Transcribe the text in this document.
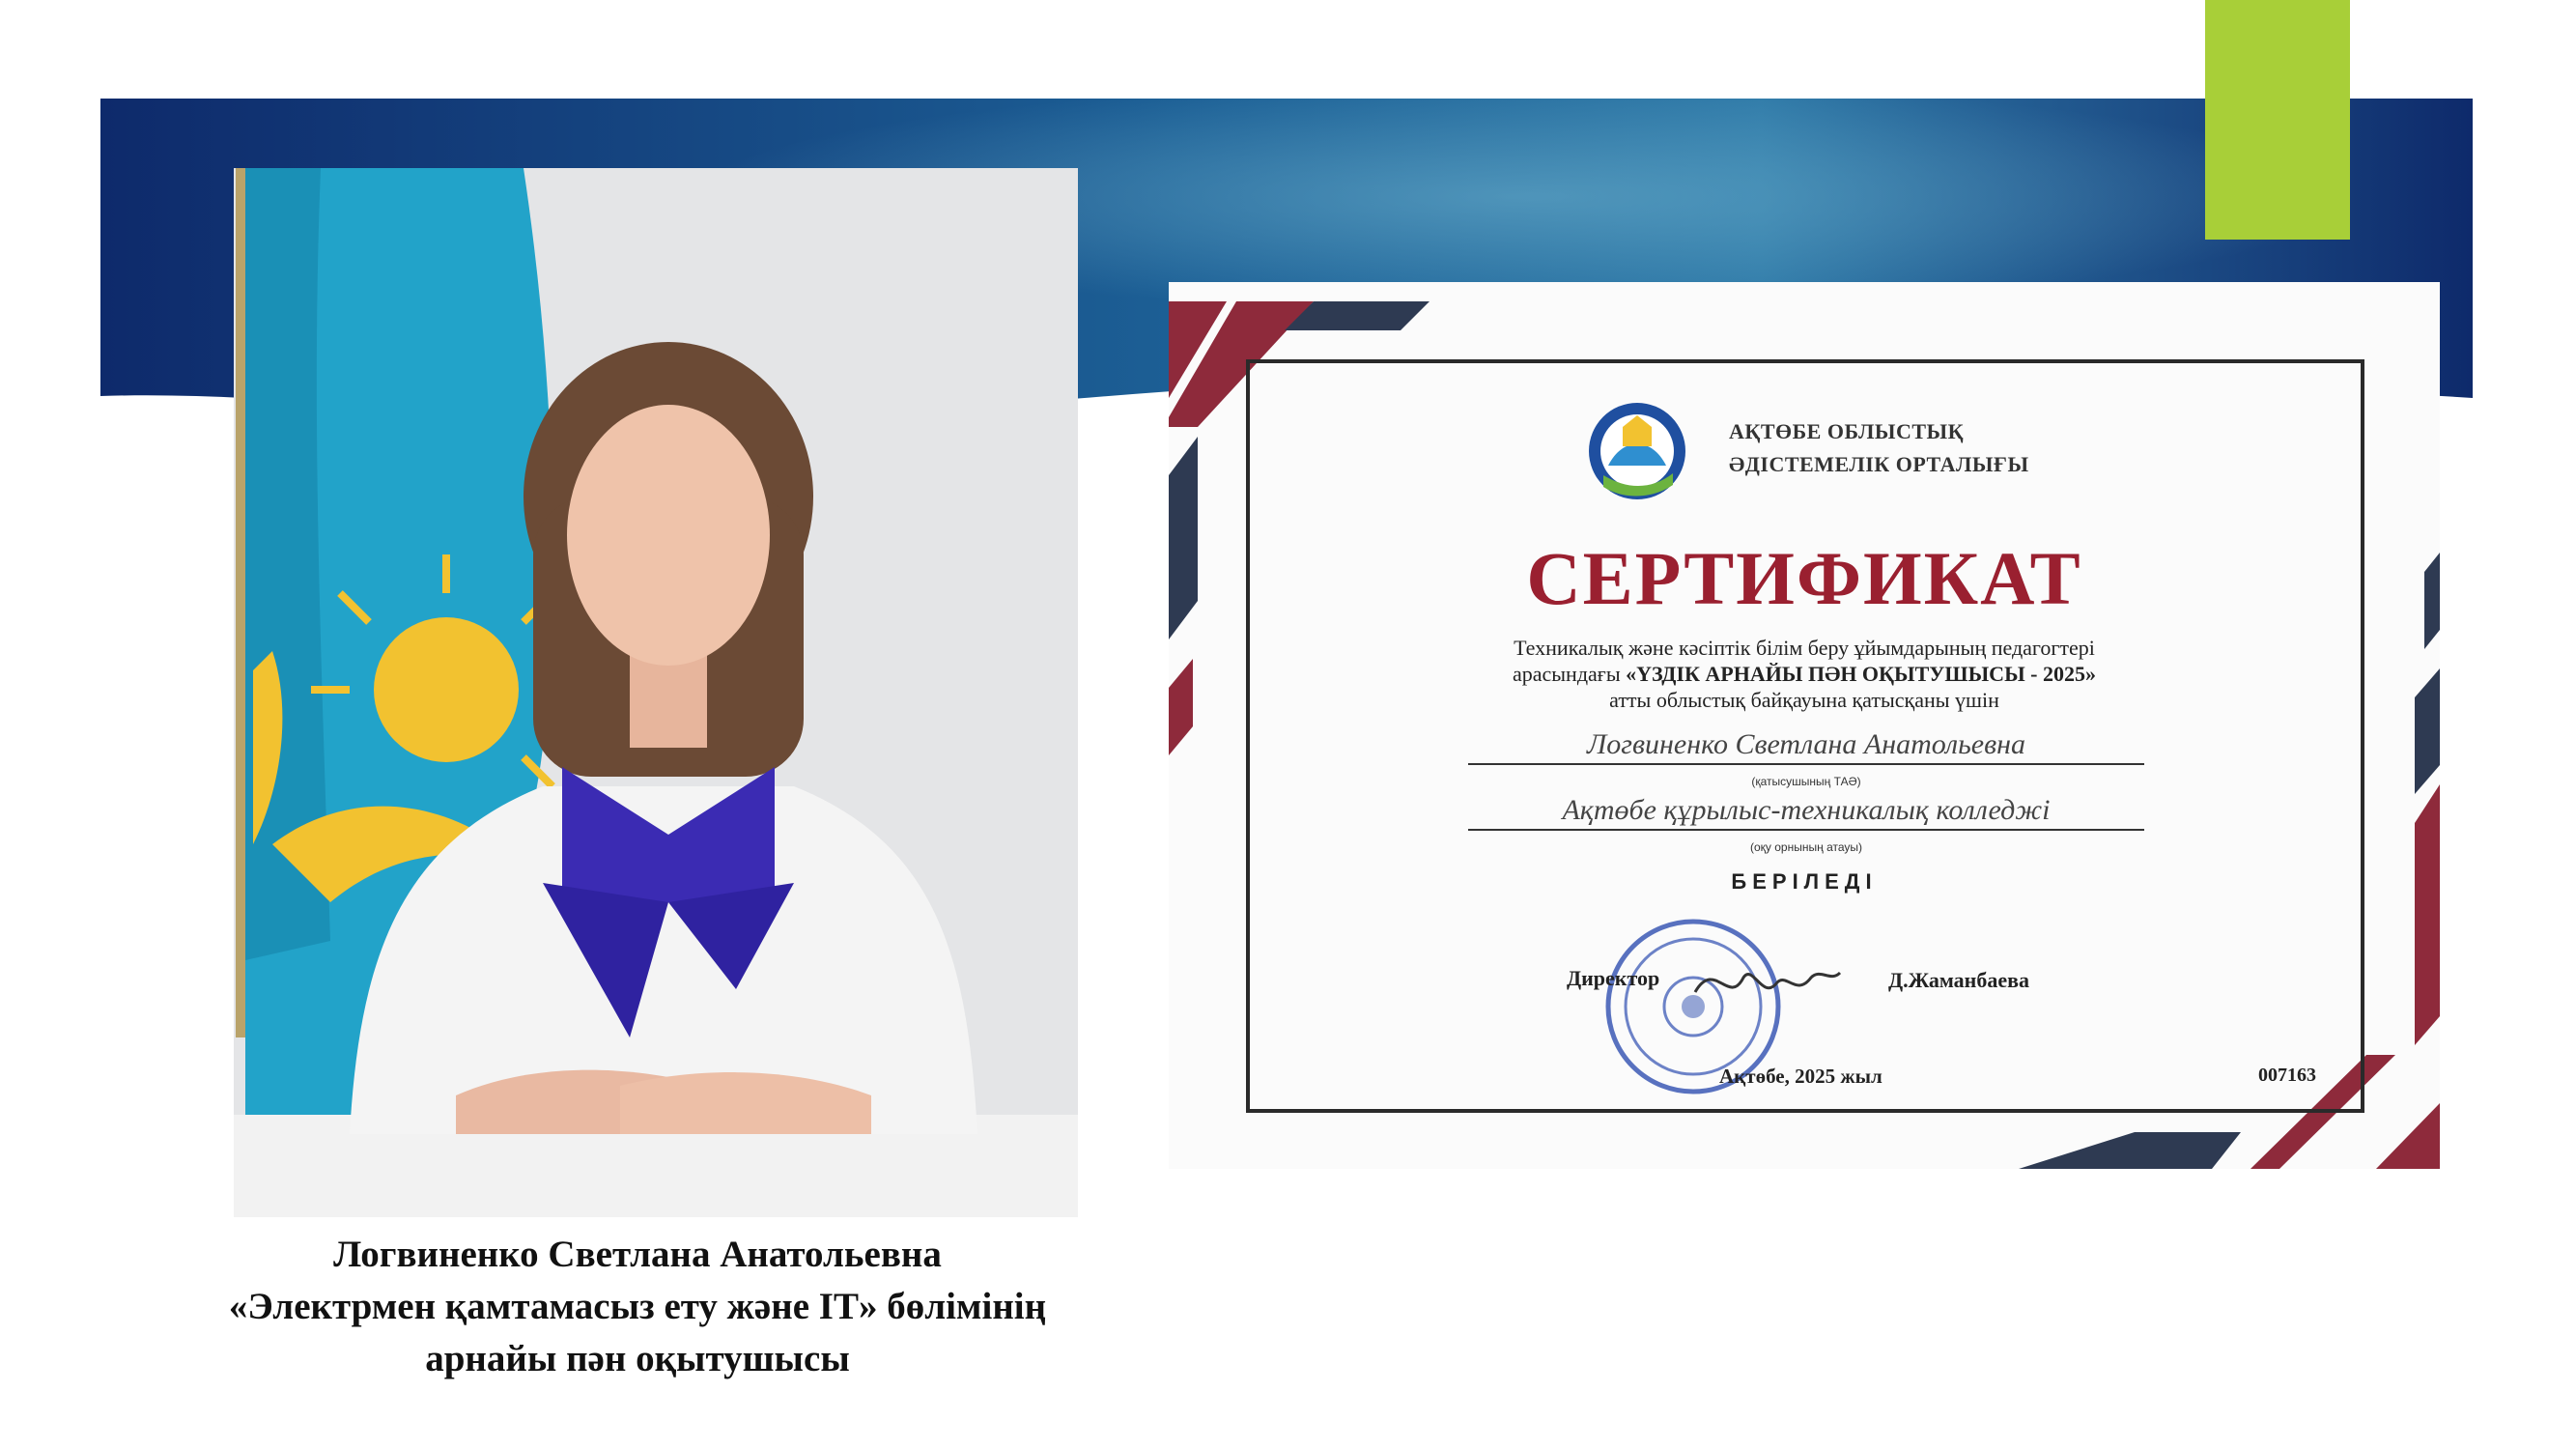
Логвиненко Светлана Анатольевна
«Электрмен қамтамасыз ету және IT» бөлімінің
арнайы пән оқытушысы
АҚТӨБЕ ОБЛЫСТЫҚ
ӘДІСТЕМЕЛІК ОРТАЛЫҒЫ
СЕРТИФИКАТ
Техникалық және кәсіптік білім беру ұйымдарының педагогтері
арасындағы «ҮЗДІК АРНАЙЫ ПӘН ОҚЫТУШЫСЫ - 2025»
атты облыстық байқауына қатысқаны үшін
Логвиненко Светлана Анатольевна
(қатысушының ТАӘ)
Ақтөбе құрылыс-техникалық колледжі
(оқу орнының атауы)
БЕРІЛЕДІ
Директор	Д.Жаманбаева
Ақтөбе, 2025 жыл	007163
